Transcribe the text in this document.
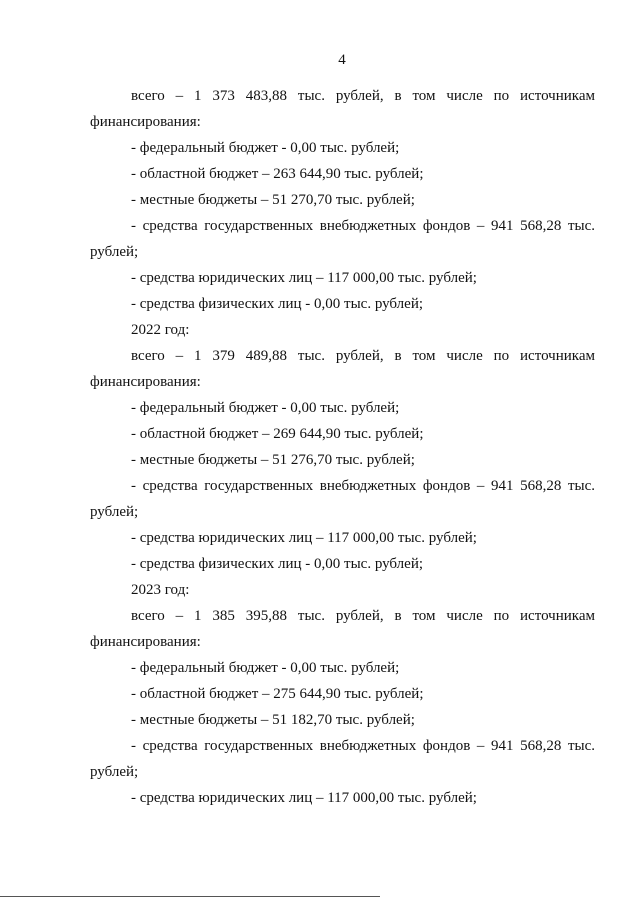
4
всего – 1 373 483,88 тыс. рублей, в том числе по источникам
финансирования:
- федеральный бюджет - 0,00 тыс. рублей;
- областной бюджет – 263 644,90 тыс. рублей;
- местные бюджеты – 51 270,70 тыс. рублей;
- средства государственных внебюджетных фондов – 941 568,28 тыс.
рублей;
- средства юридических лиц – 117 000,00 тыс. рублей;
- средства физических лиц - 0,00 тыс. рублей;
2022 год:
всего – 1 379 489,88 тыс. рублей, в том числе по источникам
финансирования:
- федеральный бюджет - 0,00 тыс. рублей;
- областной бюджет – 269 644,90 тыс. рублей;
- местные бюджеты – 51 276,70 тыс. рублей;
- средства государственных внебюджетных фондов – 941 568,28 тыс.
рублей;
- средства юридических лиц – 117 000,00 тыс. рублей;
- средства физических лиц - 0,00 тыс. рублей;
2023 год:
всего – 1 385 395,88 тыс. рублей, в том числе по источникам
финансирования:
- федеральный бюджет - 0,00 тыс. рублей;
- областной бюджет – 275 644,90 тыс. рублей;
- местные бюджеты – 51 182,70 тыс. рублей;
- средства государственных внебюджетных фондов – 941 568,28 тыс.
рублей;
- средства юридических лиц – 117 000,00 тыс. рублей;
